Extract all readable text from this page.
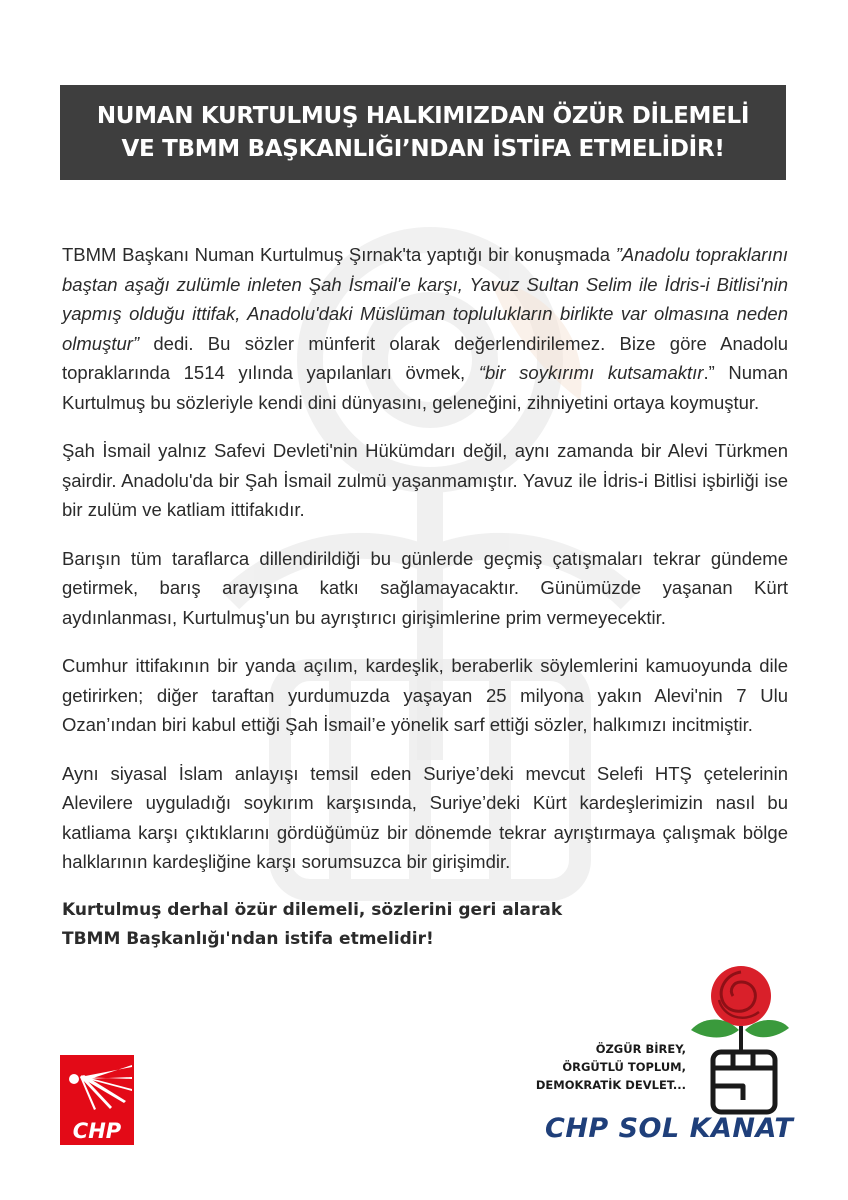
NUMAN KURTULMUŞ HALKIMIZDAN ÖZÜR DİLEMELİ
VE TBMM BAŞKANLIĞI’NDAN İSTİFA ETMELİDİR!

TBMM Başkanı Numan Kurtulmuş Şırnak'ta yaptığı bir konuşmada ”Anadolu topraklarını baştan aşağı zulümle inleten Şah İsmail'e karşı, Yavuz Sultan Selim ile İdris-i Bitlisi'nin yapmış olduğu ittifak, Anadolu'daki Müslüman toplulukların birlikte var olmasına neden olmuştur” dedi. Bu sözler münferit olarak değerlendirilemez. Bize göre Anadolu topraklarında 1514 yılında yapılanları övmek, “bir soykırımı kutsamaktır.” Numan Kurtulmuş bu sözleriyle kendi dini dünyasını, geleneğini, zihniyetini ortaya koymuştur.

Şah İsmail yalnız Safevi Devleti'nin Hükümdarı değil, aynı zamanda bir Alevi Türkmen şairdir. Anadolu'da bir Şah İsmail zulmü yaşanmamıştır. Yavuz ile İdris-i Bitlisi işbirliği ise bir zulüm ve katliam ittifakıdır.

Barışın tüm taraflarca dillendirildiği bu günlerde geçmiş çatışmaları tekrar gündeme getirmek, barış arayışına katkı sağlamayacaktır. Günümüzde yaşanan Kürt aydınlanması, Kurtulmuş'un bu ayrıştırıcı girişimlerine prim vermeyecektir.

Cumhur ittifakının bir yanda açılım, kardeşlik, beraberlik söylemlerini kamuoyunda dile getirirken; diğer taraftan yurdumuzda yaşayan 25 milyona yakın Alevi'nin 7 Ulu Ozan’ından biri kabul ettiği Şah İsmail’e yönelik sarf ettiği sözler, halkımızı incitmiştir.

Aynı siyasal İslam anlayışı temsil eden Suriye’deki mevcut Selefi HTŞ çetelerinin Alevilere uyguladığı soykırım karşısında, Suriye’deki Kürt kardeşlerimizin nasıl bu katliama karşı çıktıklarını gördüğümüz bir dönemde tekrar ayrıştırmaya çalışmak bölge halklarının kardeşliğine karşı sorumsuzca bir girişimdir.

Kurtulmuş derhal özür dilemeli, sözlerini geri alarak
TBMM Başkanlığı'ndan istifa etmelidir!
CHP
ÖZGÜR BİREY,
ÖRGÜTLÜ TOPLUM,
DEMOKRATİK DEVLET...
CHP SOL KANAT
